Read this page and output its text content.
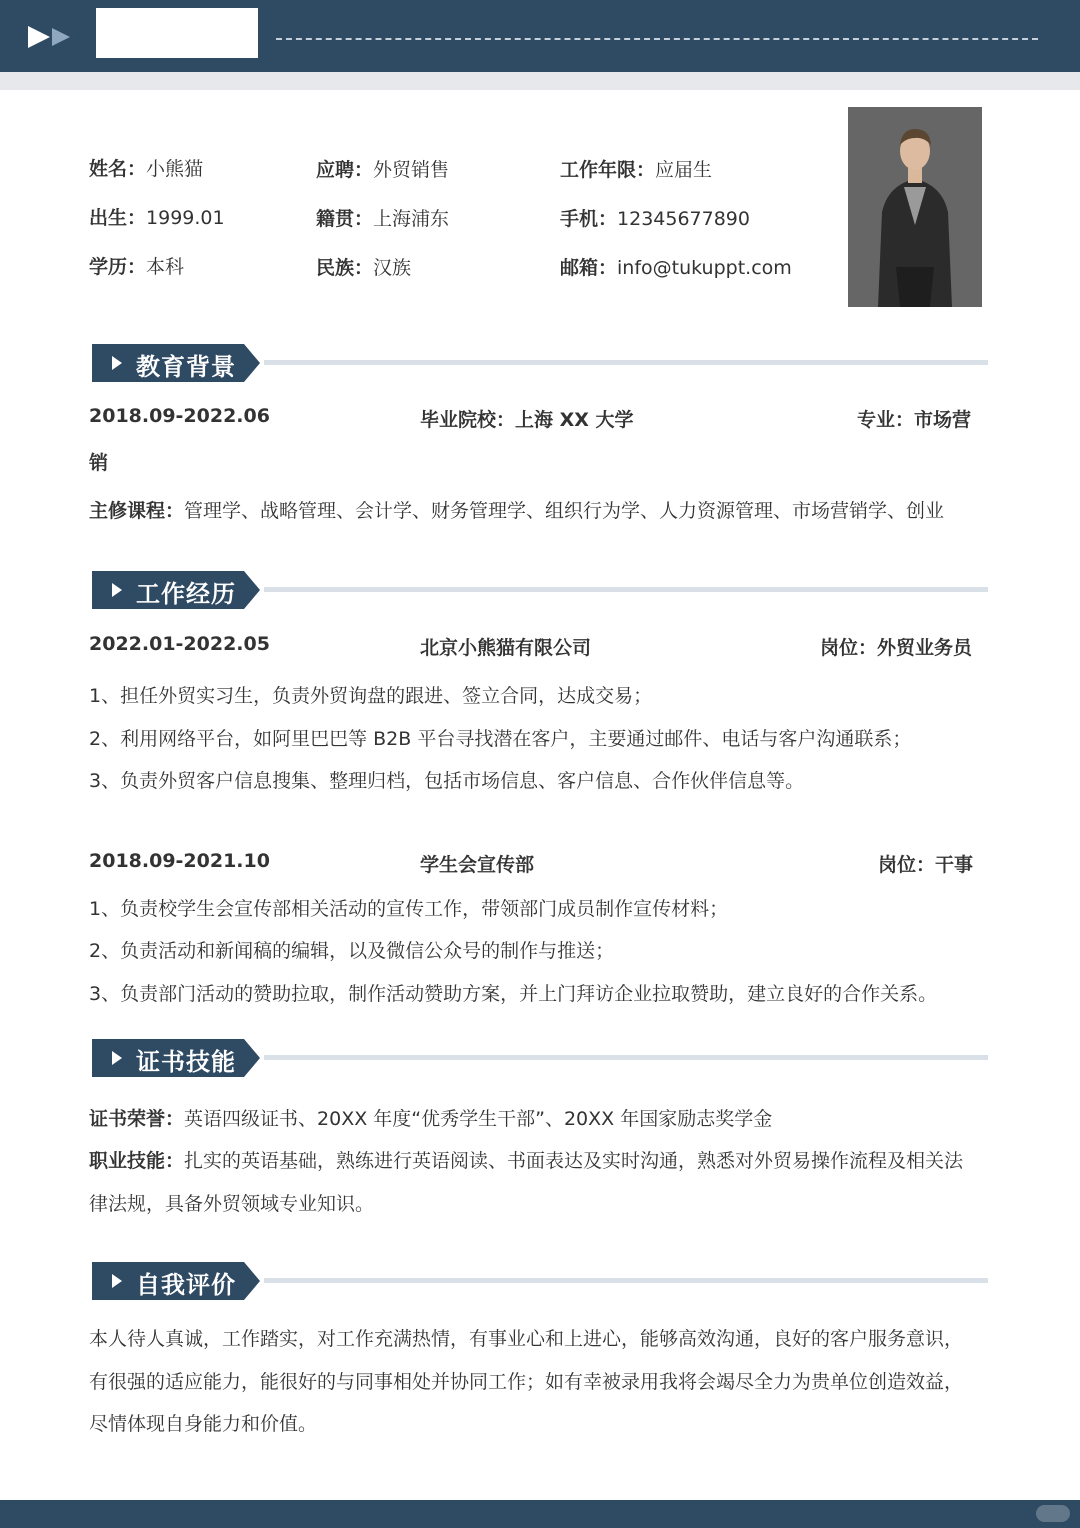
姓名：小熊猫	应聘：外贸销售	工作年限：应届生
出生：1999.01	籍贯：上海浦东	手机：12345677890
学历：本科	民族：汉族	邮箱：info@tukuppt.com
教育背景
2018.09-2022.06	毕业院校：上海 XX 大学	专业：市场营
销
主修课程：管理学、战略管理、会计学、财务管理学、组织行为学、人力资源管理、市场营销学、创业
工作经历
2022.01-2022.05	北京小熊猫有限公司	岗位：外贸业务员
1、担任外贸实习生，负责外贸询盘的跟进、签立合同，达成交易；
2、利用网络平台，如阿里巴巴等 B2B 平台寻找潜在客户，主要通过邮件、电话与客户沟通联系；
3、负责外贸客户信息搜集、整理归档，包括市场信息、客户信息、合作伙伴信息等。
2018.09-2021.10	学生会宣传部	岗位：干事
1、负责校学生会宣传部相关活动的宣传工作，带领部门成员制作宣传材料；
2、负责活动和新闻稿的编辑，以及微信公众号的制作与推送；
3、负责部门活动的赞助拉取，制作活动赞助方案，并上门拜访企业拉取赞助，建立良好的合作关系。
证书技能
证书荣誉：英语四级证书、20XX 年度“优秀学生干部”、20XX 年国家励志奖学金
职业技能：扎实的英语基础，熟练进行英语阅读、书面表达及实时沟通，熟悉对外贸易操作流程及相关法
律法规，具备外贸领域专业知识。
自我评价
本人待人真诚，工作踏实，对工作充满热情，有事业心和上进心，能够高效沟通，良好的客户服务意识，
有很强的适应能力，能很好的与同事相处并协同工作；如有幸被录用我将会竭尽全力为贵单位创造效益，
尽情体现自身能力和价值。
